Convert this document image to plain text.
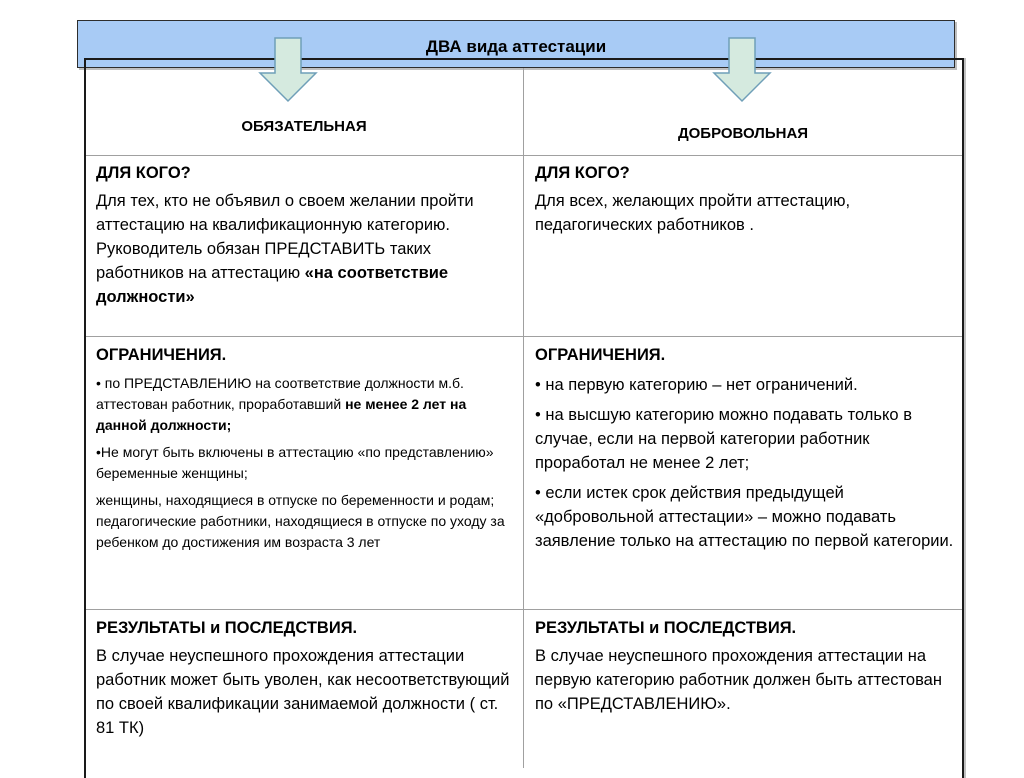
ДВА вида аттестации
ОБЯЗАТЕЛЬНАЯ	ДОБРОВОЛЬНАЯ
ДЛЯ КОГО?

Для тех, кто не объявил о своем желании пройти аттестацию на квалификационную категорию. Руководитель обязан ПРЕДСТАВИТЬ таких работников на аттестацию «на соответствие должности»

ДЛЯ КОГО?

Для всех, желающих пройти аттестацию, педагогических работников .

ОГРАНИЧЕНИЯ.

• по ПРЕДСТАВЛЕНИЮ на соответствие должности м.б. аттестован работник, проработавший не менее 2 лет на данной должности;

•Не могут быть включены в аттестацию «по представлению» беременные женщины;

женщины, находящиеся в отпуске по беременности и родам; педагогические работники, находящиеся в отпуске по уходу за ребенком до достижения им возраста 3 лет

ОГРАНИЧЕНИЯ.

• на первую категорию – нет ограничений.

• на высшую категорию можно подавать только в случае, если на первой категории работник проработал не менее 2 лет;

• если истек срок действия предыдущей «добровольной аттестации» – можно подавать заявление только на аттестацию по первой категории.

РЕЗУЛЬТАТЫ и ПОСЛЕДСТВИЯ.

В случае неуспешного прохождения аттестации работник может быть уволен, как несоответствующий по своей квалификации занимаемой должности ( ст. 81 ТК)

РЕЗУЛЬТАТЫ и ПОСЛЕДСТВИЯ.

В случае неуспешного прохождения аттестации на первую категорию работник должен быть аттестован по «ПРЕДСТАВЛЕНИЮ».
